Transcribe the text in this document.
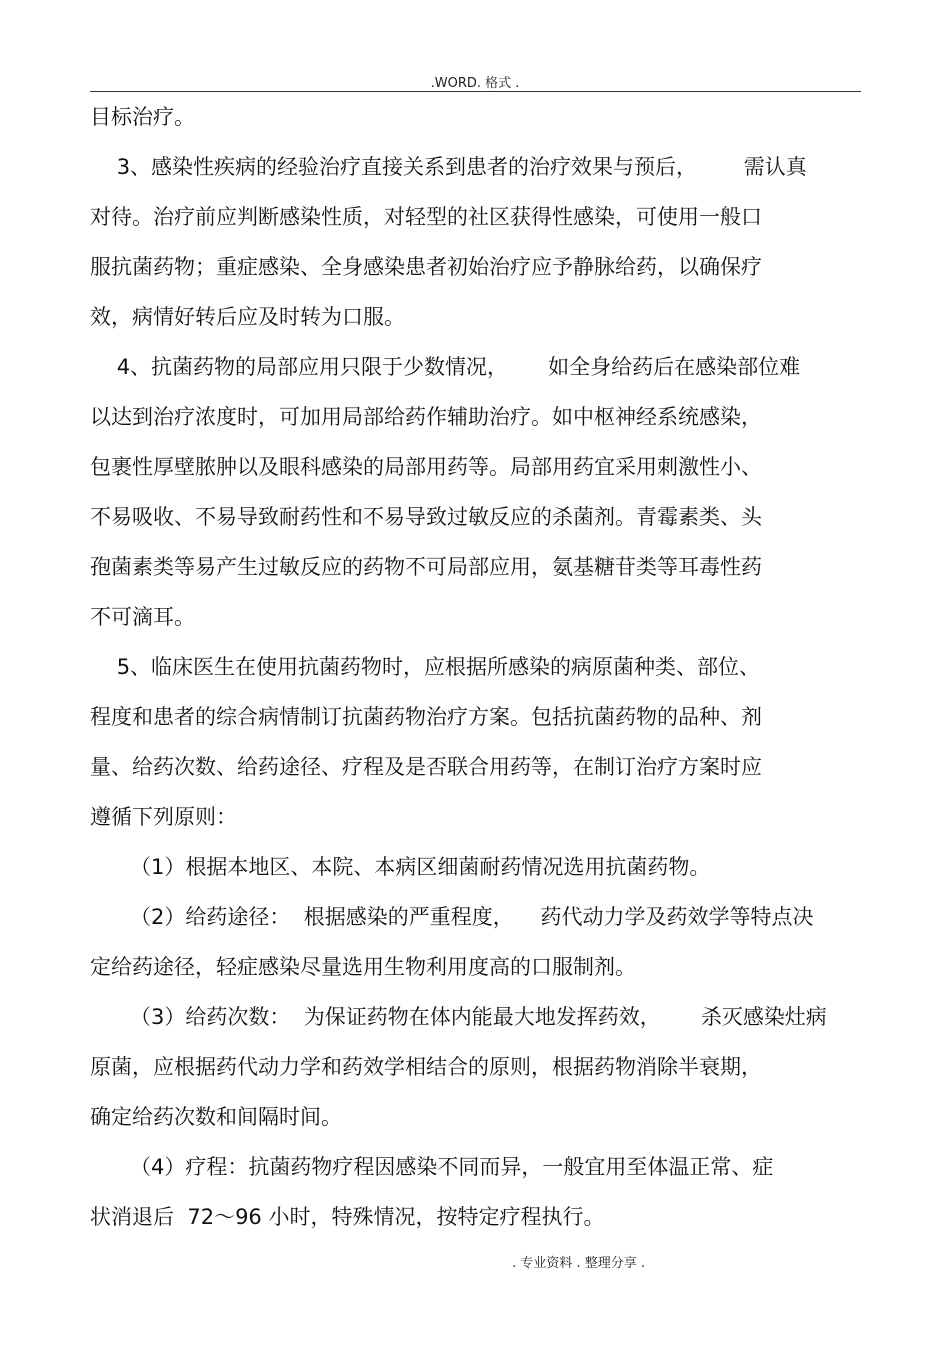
.WORD. 格式 .
目标治疗。
3、感染性疾病的经验治疗直接关系到患者的治疗效果与预后，       需认真
对待。治疗前应判断感染性质，对轻型的社区获得性感染，可使用一般口
服抗菌药物；重症感染、全身感染患者初始治疗应予静脉给药，以确保疗
效，病情好转后应及时转为口服。
4、抗菌药物的局部应用只限于少数情况，      如全身给药后在感染部位难
以达到治疗浓度时，可加用局部给药作辅助治疗。如中枢神经系统感染，
包裹性厚壁脓肿以及眼科感染的局部用药等。局部用药宜采用刺激性小、
不易吸收、不易导致耐药性和不易导致过敏反应的杀菌剂。青霉素类、头
孢菌素类等易产生过敏反应的药物不可局部应用，氨基糖苷类等耳毒性药
不可滴耳。
5、临床医生在使用抗菌药物时，应根据所感染的病原菌种类、部位、
程度和患者的综合病情制订抗菌药物治疗方案。包括抗菌药物的品种、剂
量、给药次数、给药途径、疗程及是否联合用药等，在制订治疗方案时应
遵循下列原则：
（1）根据本地区、本院、本病区细菌耐药情况选用抗菌药物。
（2）给药途径：  根据感染的严重程度，    药代动力学及药效学等特点决
定给药途径，轻症感染尽量选用生物利用度高的口服制剂。
（3）给药次数：  为保证药物在体内能最大地发挥药效，      杀灭感染灶病
原菌，应根据药代动力学和药效学相结合的原则，根据药物消除半衰期，
确定给药次数和间隔时间。
（4）疗程：抗菌药物疗程因感染不同而异，一般宜用至体温正常、症
状消退后  72～96 小时，特殊情况，按特定疗程执行。
. 专业资料 . 整理分享 .
